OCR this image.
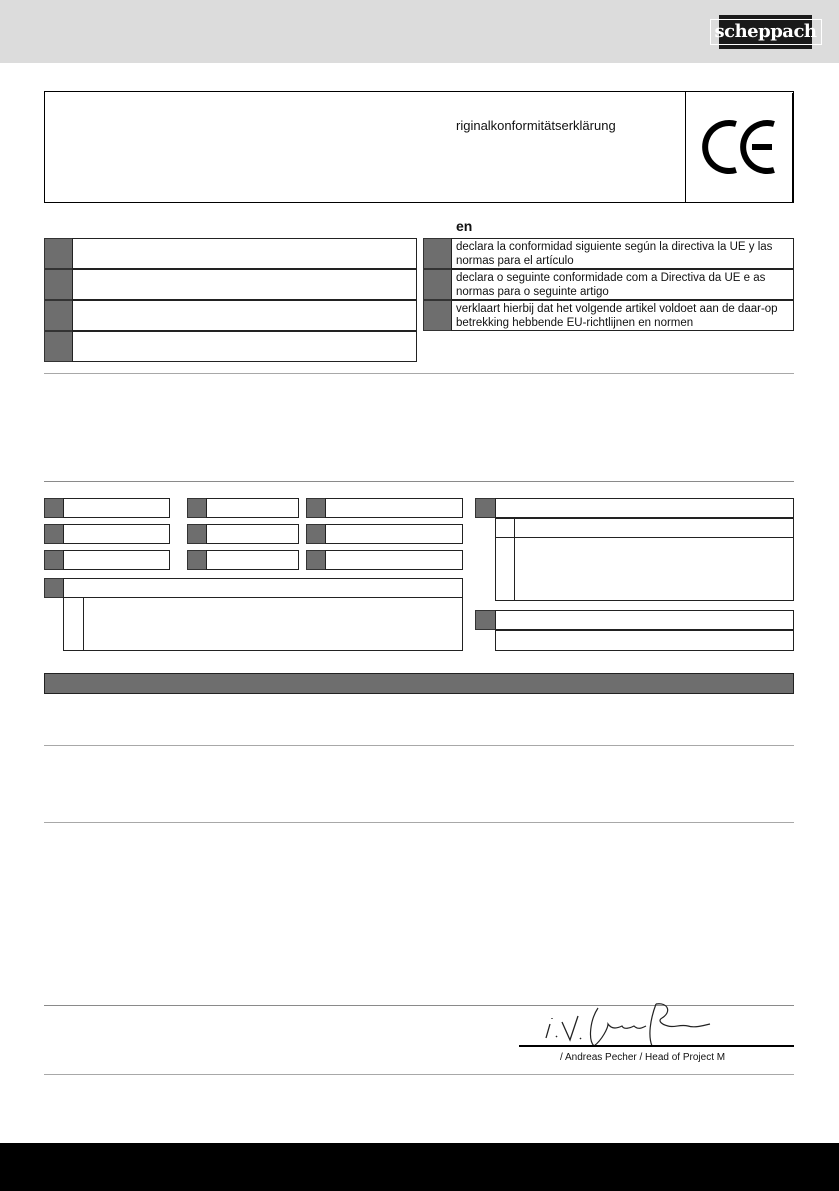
scheppach
riginalkonformitätserklärung
en
declara la conformidad siguiente según la directiva la UE y las normas para el artículo
declara o seguinte conformidade com a Directiva da UE e as normas para o seguinte artigo
verklaart hierbij dat het volgende artikel voldoet aan de daar-op betrekking hebbende EU-richtlijnen en normen
/ Andreas Pecher / Head of Project M
